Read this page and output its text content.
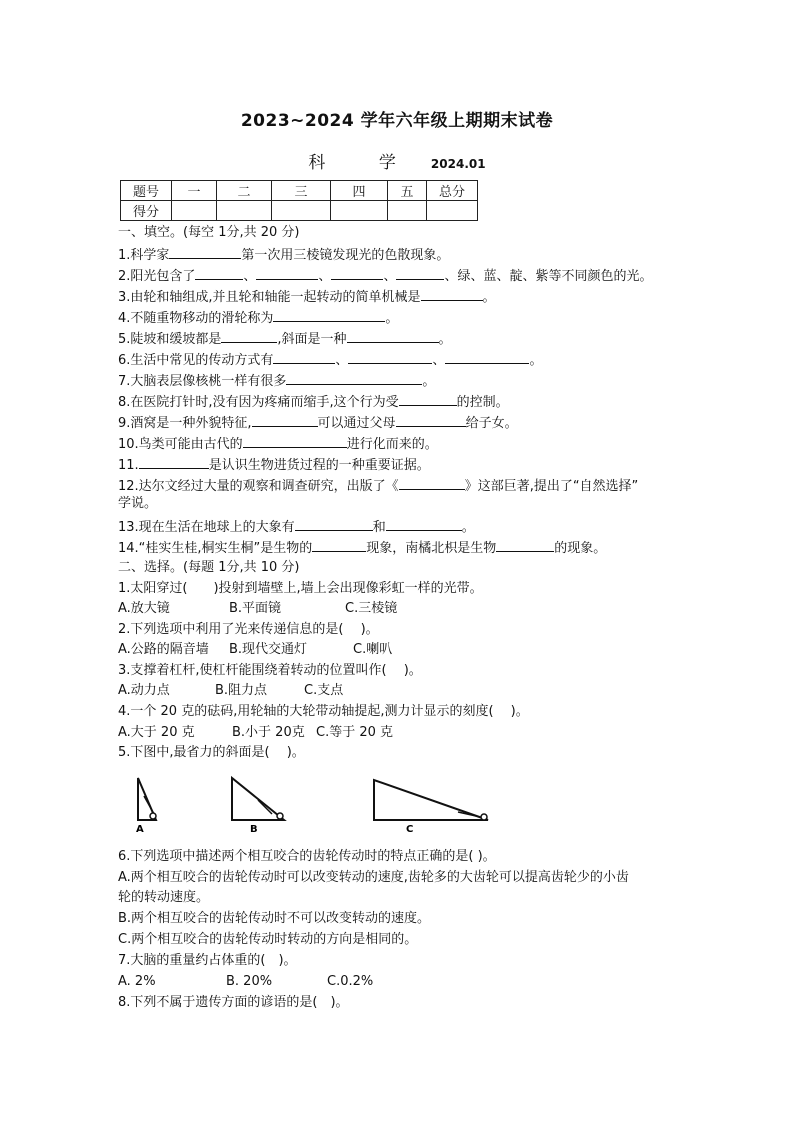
2023~2024 学年六年级上期期末试卷
科 学 2024.01
题号	一	二	三	四	五	总分
得分						
一、填空。(每空 1分,共 20 分)
1.科学家	第一次用三棱镜发现光的色散现象。
2.阳光包含了	、	、	、	、绿、蓝、靛、紫等不同颜色的光。
3.由轮和轴组成,并且轮和轴能一起转动的简单机械是	。
4.不随重物移动的滑轮称为	。
5.陡坡和缓坡都是	,斜面是一种	。
6.生活中常见的传动方式有	、	、	。
7.大脑表层像核桃一样有很多	。
8.在医院打针时,没有因为疼痛而缩手,这个行为受	的控制。
9.酒窝是一种外貌特征,	可以通过父母	给子女。
10.鸟类可能由古代的	进行化而来的。
11.	是认识生物进货过程的一种重要证据。
12.达尔文经过大量的观察和调查研究，出版了《	》这部巨著,提出了“自然选择”
学说。
13.现在生活在地球上的大象有	和	。
14.“桂实生桂,桐实生桐”是生物的	现象，南橘北枳是生物	的现象。
二、选择。(每题 1分,共 10 分)
1.太阳穿过(　　)投射到墙壁上,墙上会出现像彩虹一样的光带。
A.放大镜	B.平面镜	C.三棱镜
2.下列选项中利用了光来传递信息的是(　 )。
A.公路的隔音墙 B.现代交通灯	C.喇叭
3.支撑着杠杆,使杠杆能围绕着转动的位置叫作(　 )。
A.动力点	B.阻力点	C.支点
4.一个 20 克的砝码,用轮轴的大轮带动轴提起,测力计显示的刻度(　 )。
A.大于 20 克	B.小于 20克 C.等于 20 克
5.下图中,最省力的斜面是(　 )。
A	B	C
6.下列选项中描述两个相互咬合的齿轮传动时的特点正确的是( )。
A.两个相互咬合的齿轮传动时可以改变转动的速度,齿轮多的大齿轮可以提高齿轮少的小齿
轮的转动速度。
B.两个相互咬合的齿轮传动时不可以改变转动的速度。
C.两个相互咬合的齿轮传动时转动的方向是相同的。
7.大脑的重量约占体重的(　)。
A. 2%	B. 20%	C.0.2%
8.下列不属于遗传方面的谚语的是(　)。
